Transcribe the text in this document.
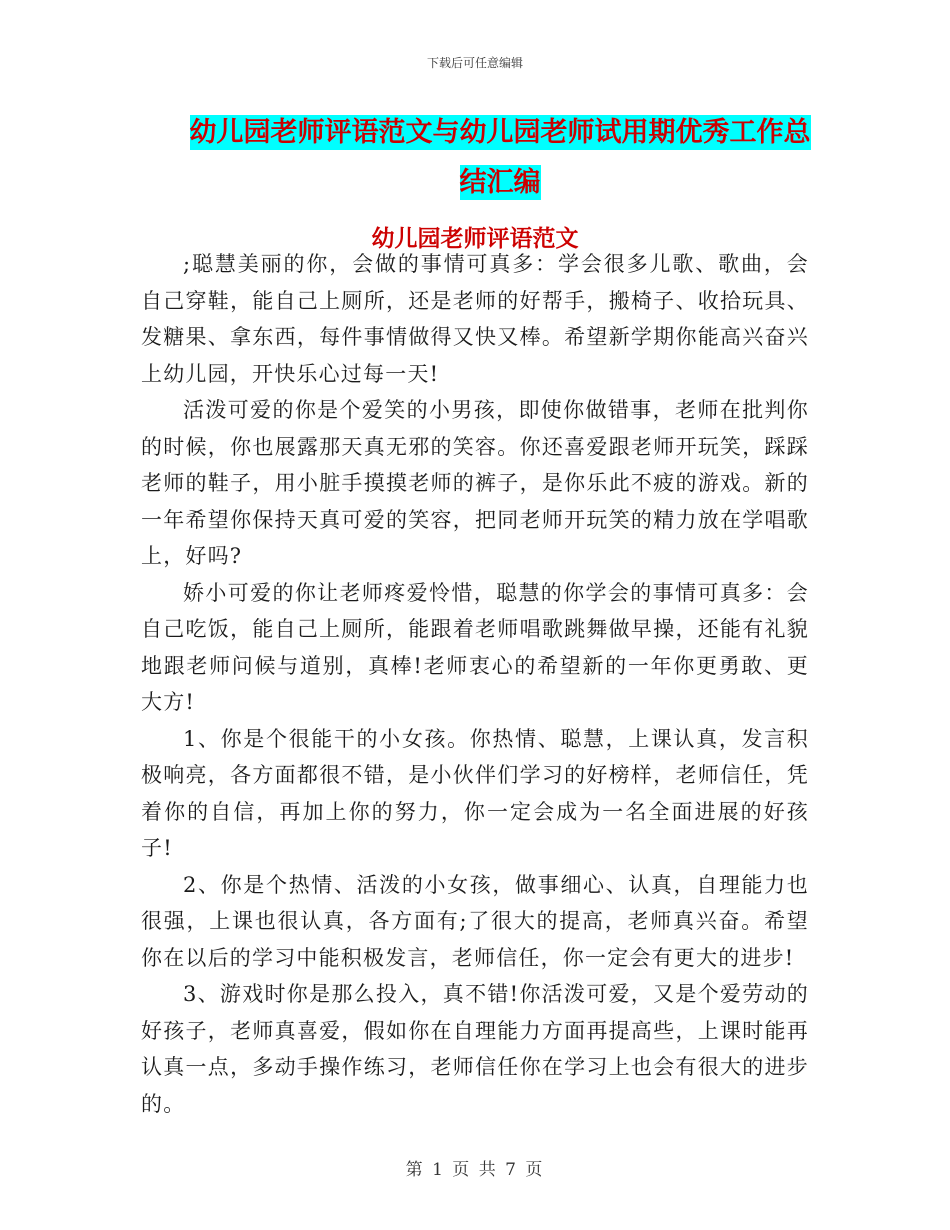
下载后可任意编辑
幼儿园老师评语范文与幼儿园老师试用期优秀工作总
结汇编
幼儿园老师评语范文

;聪慧美丽的你，会做的事情可真多：学会很多儿歌、歌曲，会自己穿鞋，能自己上厕所，还是老师的好帮手，搬椅子、收拾玩具、发糖果、拿东西，每件事情做得又快又棒。希望新学期你能高兴奋兴上幼儿园，开快乐心过每一天!

活泼可爱的你是个爱笑的小男孩，即使你做错事，老师在批判你的时候，你也展露那天真无邪的笑容。你还喜爱跟老师开玩笑，踩踩老师的鞋子，用小脏手摸摸老师的裤子，是你乐此不疲的游戏。新的一年希望你保持天真可爱的笑容，把同老师开玩笑的精力放在学唱歌上，好吗?

娇小可爱的你让老师疼爱怜惜，聪慧的你学会的事情可真多：会自己吃饭，能自己上厕所，能跟着老师唱歌跳舞做早操，还能有礼貌地跟老师问候与道别，真棒!老师衷心的希望新的一年你更勇敢、更大方!

1、你是个很能干的小女孩。你热情、聪慧，上课认真，发言积极响亮，各方面都很不错，是小伙伴们学习的好榜样，老师信任，凭着你的自信，再加上你的努力，你一定会成为一名全面进展的好孩子!

2、你是个热情、活泼的小女孩，做事细心、认真，自理能力也很强，上课也很认真，各方面有;了很大的提高，老师真兴奋。希望你在以后的学习中能积极发言，老师信任，你一定会有更大的进步!

3、游戏时你是那么投入，真不错!你活泼可爱，又是个爱劳动的好孩子，老师真喜爱，假如你在自理能力方面再提高些，上课时能再认真一点，多动手操作练习，老师信任你在学习上也会有很大的进步的。

第 1 页 共 7 页
